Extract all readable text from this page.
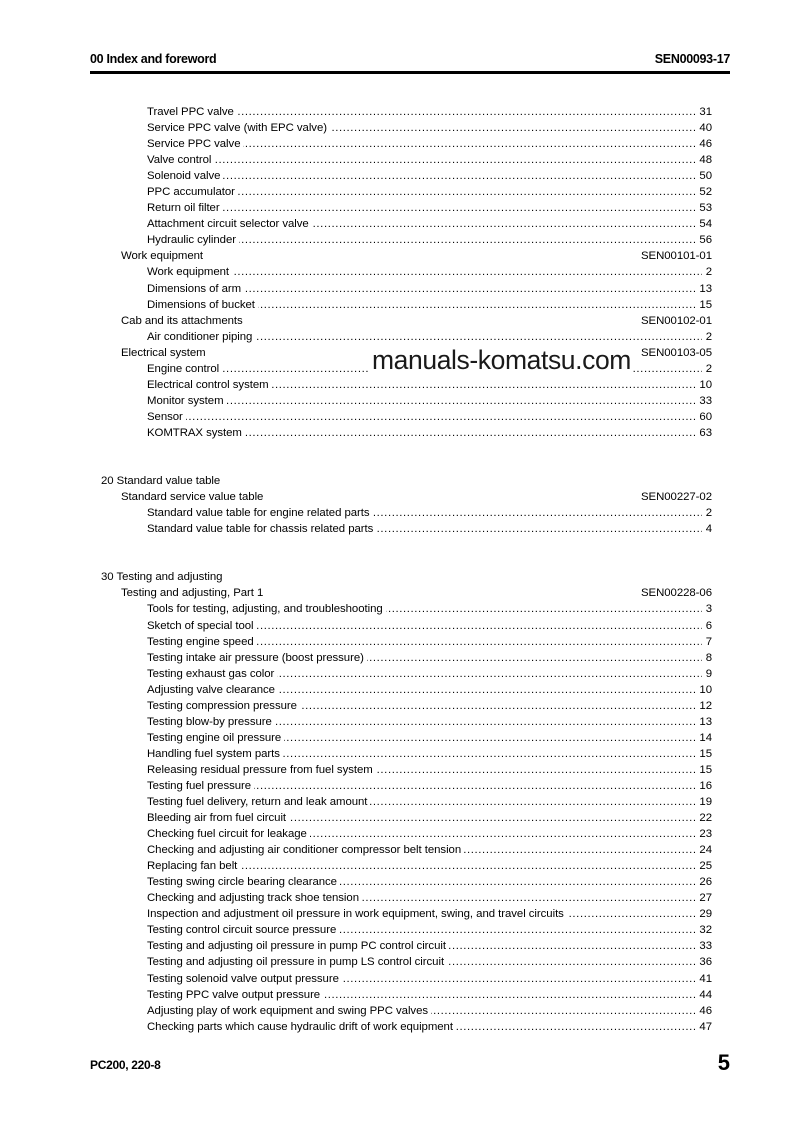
00 Index and foreword	SEN00093-17
.....
Travel PPC valve	31
.....
Service PPC valve (with EPC valve)	40
.....
Service PPC valve	46
.....
Valve control	48
.....
Solenoid valve	50
.....
PPC accumulator	52
.....
Return oil filter	53
.....
Attachment circuit selector valve	54
.....
Hydraulic cylinder	56
Work equipment	SEN00101-01
.....
Work equipment	2
.....
Dimensions of arm	13
.....
Dimensions of bucket	15
Cab and its attachments	SEN00102-01
.....
Air conditioner piping	2
Electrical system	SEN00103-05
.....
Engine control	2
.....
Electrical control system	10
.....
Monitor system	33
.....
Sensor	60
.....
KOMTRAX system	63
20 Standard value table
Standard service value table	SEN00227-02
.....
Standard value table for engine related parts	2
.....
Standard value table for chassis related parts	4
30 Testing and adjusting
Testing and adjusting, Part 1	SEN00228-06
.....
Tools for testing, adjusting, and troubleshooting	3
.....
Sketch of special tool	6
.....
Testing engine speed	7
.....
Testing intake air pressure (boost pressure)	8
.....
Testing exhaust gas color	9
.....
Adjusting valve clearance	10
.....
Testing compression pressure	12
.....
Testing blow-by pressure	13
.....
Testing engine oil pressure	14
.....
Handling fuel system parts	15
.....
Releasing residual pressure from fuel system	15
.....
Testing fuel pressure	16
.....
Testing fuel delivery, return and leak amount	19
.....
Bleeding air from fuel circuit	22
.....
Checking fuel circuit for leakage	23
.....
Checking and adjusting air conditioner compressor belt tension	24
.....
Replacing fan belt	25
.....
Testing swing circle bearing clearance	26
.....
Checking and adjusting track shoe tension	27
.....
Inspection and adjustment oil pressure in work equipment, swing, and travel circuits	29
.....
Testing control circuit source pressure	32
.....
Testing and adjusting oil pressure in pump PC control circuit	33
.....
Testing and adjusting oil pressure in pump LS control circuit	36
.....
Testing solenoid valve output pressure	41
.....
Testing PPC valve output pressure	44
.....
Adjusting play of work equipment and swing PPC valves	46
.....
Checking parts which cause hydraulic drift of work equipment	47
manuals-komatsu.com
PC200, 220-8	5
